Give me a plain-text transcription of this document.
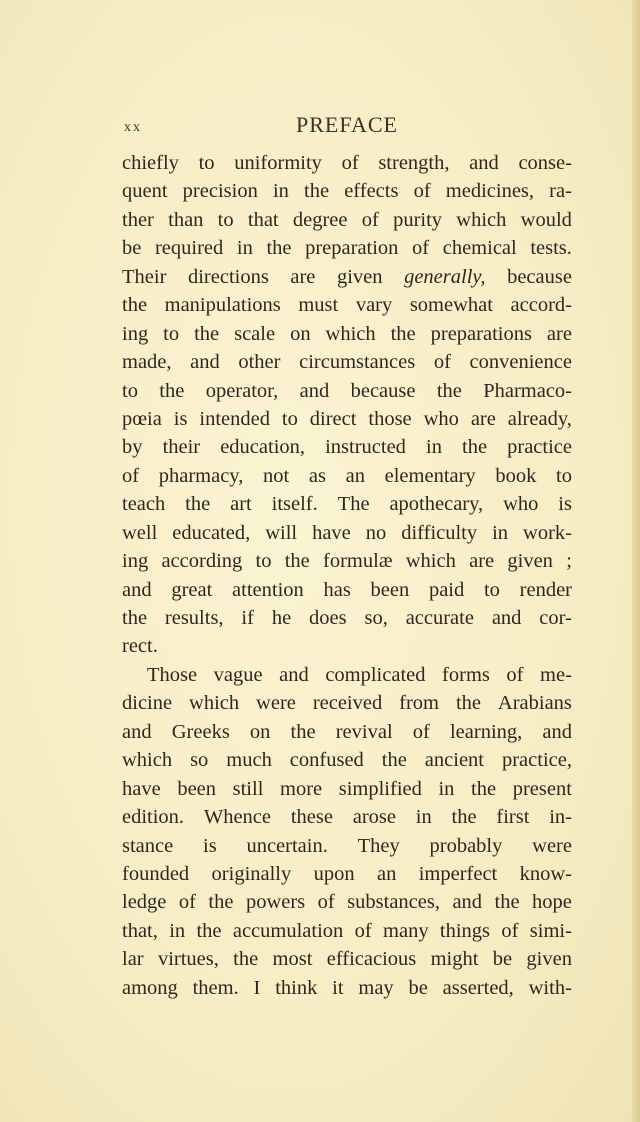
xx	PREFACE
chiefly to uniformity of strength, and conse-
quent precision in the effects of medicines, ra-
ther than to that degree of purity which would
be required in the preparation of chemical tests.
Their directions are given generally, because
the manipulations must vary somewhat accord-
ing to the scale on which the preparations are
made, and other circumstances of convenience
to the operator, and because the Pharmaco-
pœia is intended to direct those who are already,
by their education, instructed in the practice
of pharmacy, not as an elementary book to
teach the art itself. The apothecary, who is
well educated, will have no difficulty in work-
ing according to the formulæ which are given ;
and great attention has been paid to render
the results, if he does so, accurate and cor-
rect.
Those vague and complicated forms of me-
dicine which were received from the Arabians
and Greeks on the revival of learning, and
which so much confused the ancient practice,
have been still more simplified in the present
edition. Whence these arose in the first in-
stance is uncertain. They probably were
founded originally upon an imperfect know-
ledge of the powers of substances, and the hope
that, in the accumulation of many things of simi-
lar virtues, the most efficacious might be given
among them. I think it may be asserted, with-
